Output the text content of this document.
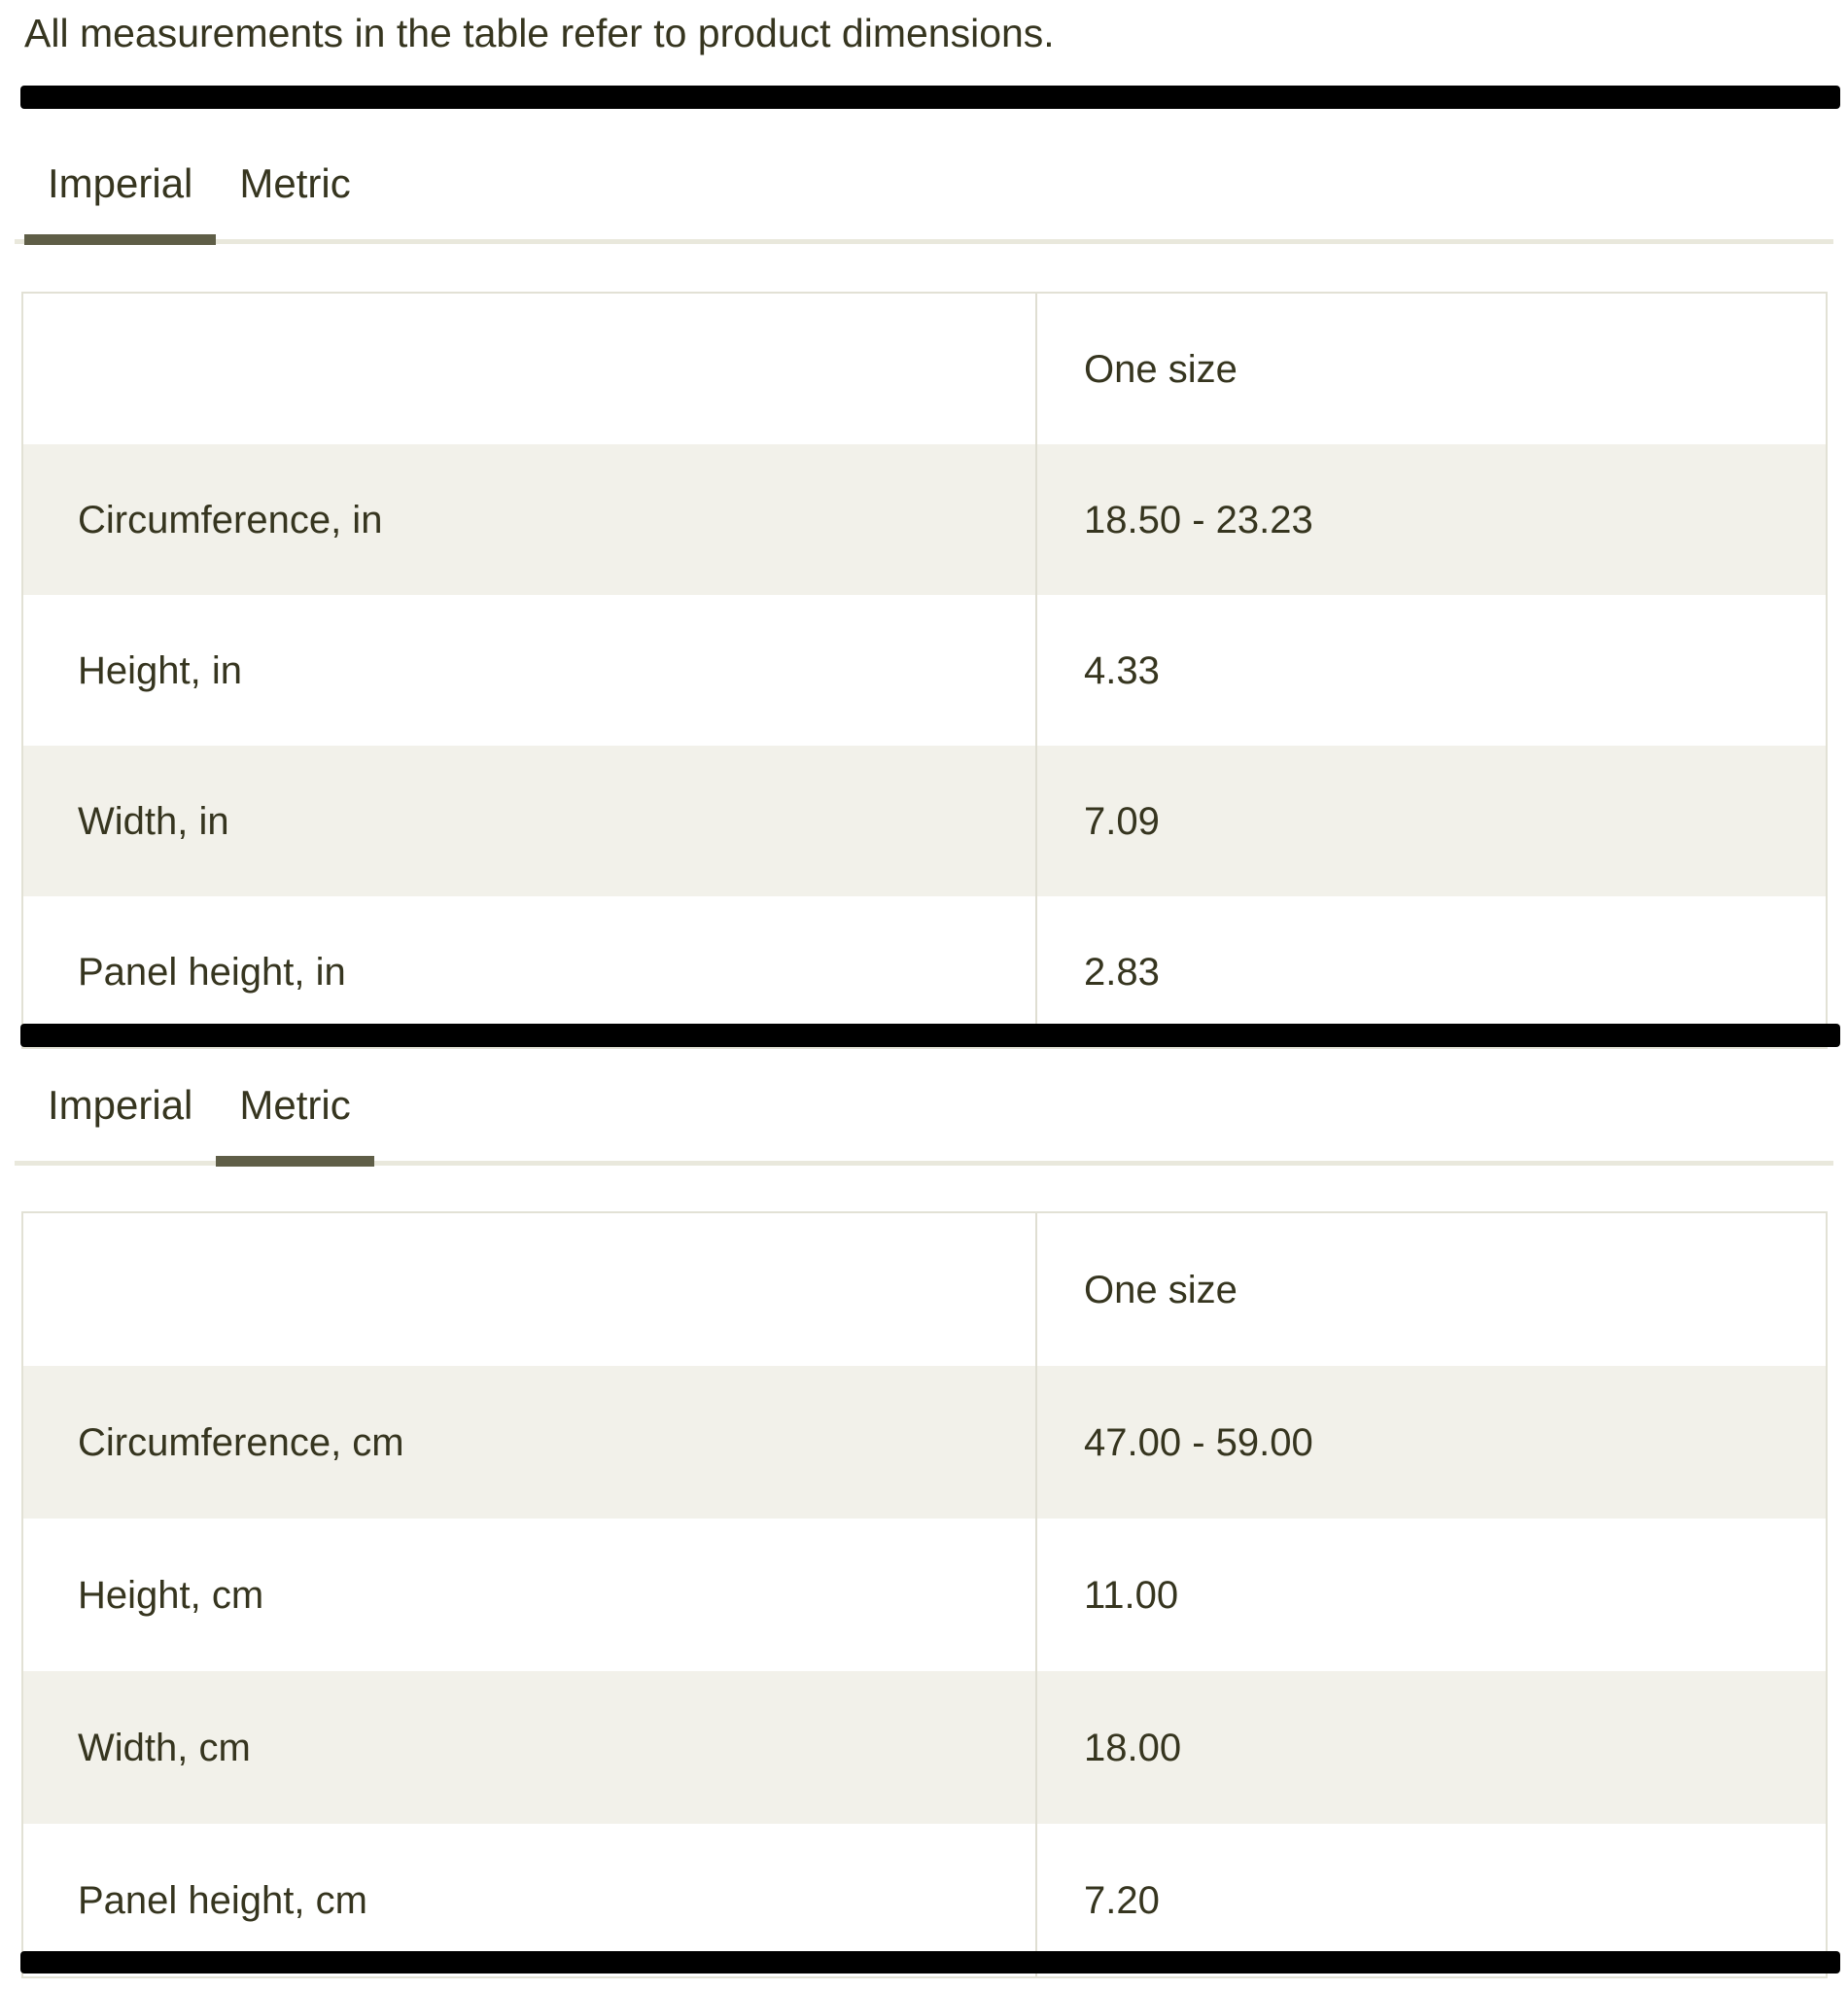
All measurements in the table refer to product dimensions.
Imperial	Metric
One size
Circumference, in	18.50 - 23.23
Height, in	4.33
Width, in	7.09
Panel height, in	2.83
Imperial	Metric
One size
Circumference, cm	47.00 - 59.00
Height, cm	11.00
Width, cm	18.00
Panel height, cm	7.20
